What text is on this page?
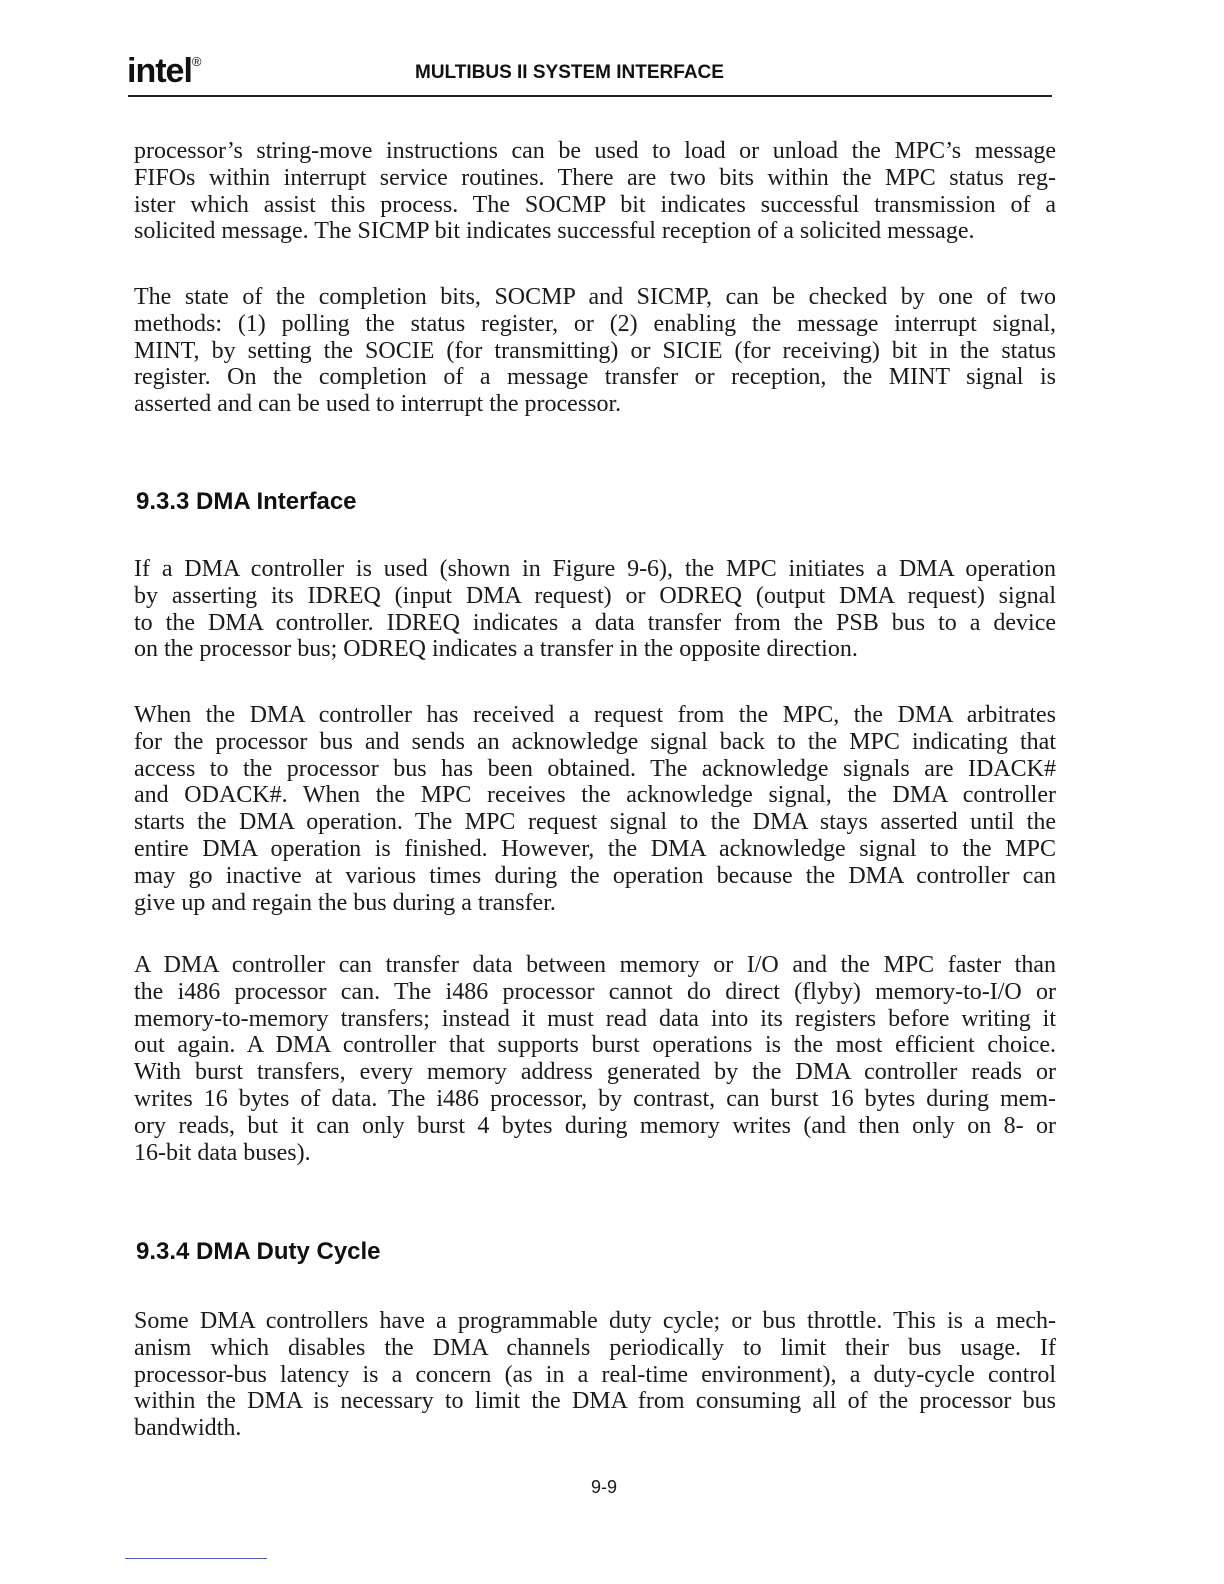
intel®
MULTIBUS II SYSTEM INTERFACE
processor’s string-move instructions can be used to load or unload the MPC’s message
FIFOs within interrupt service routines. There are two bits within the MPC status reg-
ister which assist this process. The SOCMP bit indicates successful transmission of a
solicited message. The SICMP bit indicates successful reception of a solicited message.
The state of the completion bits, SOCMP and SICMP, can be checked by one of two
methods: (1) polling the status register, or (2) enabling the message interrupt signal,
MINT, by setting the SOCIE (for transmitting) or SICIE (for receiving) bit in the status
register. On the completion of a message transfer or reception, the MINT signal is
asserted and can be used to interrupt the processor.
9.3.3 DMA Interface
If a DMA controller is used (shown in Figure 9-6), the MPC initiates a DMA operation
by asserting its IDREQ (input DMA request) or ODREQ (output DMA request) signal
to the DMA controller. IDREQ indicates a data transfer from the PSB bus to a device
on the processor bus; ODREQ indicates a transfer in the opposite direction.
When the DMA controller has received a request from the MPC, the DMA arbitrates
for the processor bus and sends an acknowledge signal back to the MPC indicating that
access to the processor bus has been obtained. The acknowledge signals are IDACK#
and ODACK#. When the MPC receives the acknowledge signal, the DMA controller
starts the DMA operation. The MPC request signal to the DMA stays asserted until the
entire DMA operation is finished. However, the DMA acknowledge signal to the MPC
may go inactive at various times during the operation because the DMA controller can
give up and regain the bus during a transfer.
A DMA controller can transfer data between memory or I/O and the MPC faster than
the i486 processor can. The i486 processor cannot do direct (flyby) memory-to-I/O or
memory-to-memory transfers; instead it must read data into its registers before writing it
out again. A DMA controller that supports burst operations is the most efficient choice.
With burst transfers, every memory address generated by the DMA controller reads or
writes 16 bytes of data. The i486 processor, by contrast, can burst 16 bytes during mem-
ory reads, but it can only burst 4 bytes during memory writes (and then only on 8- or
16-bit data buses).
9.3.4 DMA Duty Cycle
Some DMA controllers have a programmable duty cycle; or bus throttle. This is a mech-
anism which disables the DMA channels periodically to limit their bus usage. If
processor-bus latency is a concern (as in a real-time environment), a duty-cycle control
within the DMA is necessary to limit the DMA from consuming all of the processor bus
bandwidth.
9-9
